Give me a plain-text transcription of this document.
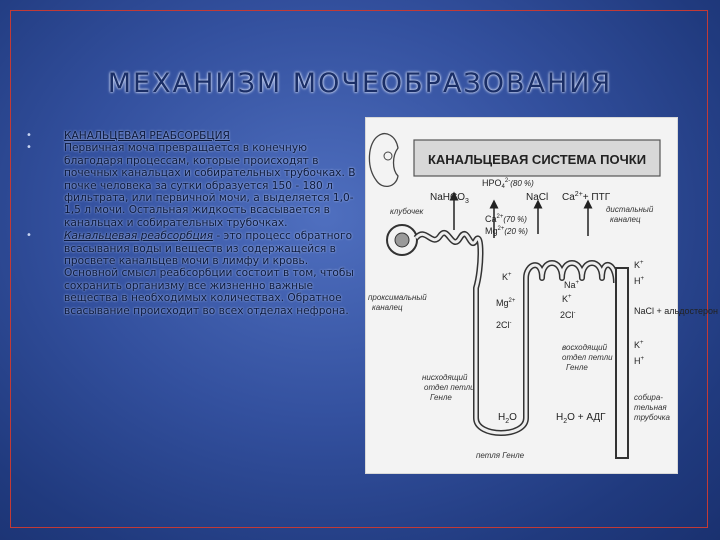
МЕХАНИЗМ МОЧЕОБРАЗОВАНИЯ
•	КАНАЛЬЦЕВАЯ РЕАБСОРБЦИЯ
•	Первичная моча превращается в конечную благодаря процессам, которые происходят в почечных канальцах и собирательных трубочках. В почке человека за сутки образуется 150 - 180 л фильтрата, или первичной мочи, а выделяется 1,0-1,5 л мочи. Остальная жидкость всасывается в канальцах и собирательных трубочках.
•	Канальцевая реабсорбция - это процесс обратного всасывания воды и веществ из содержащейся в просвете канальцев мочи в лимфу и кровь. Основной смысл реабсорбции состоит в том, чтобы сохранить организму все жизненно важные вещества в необходимых количествах. Обратное всасывание происходит во всех отделах нефрона.
КАНАЛЬЦЕВАЯ СИСТЕМА ПОЧКИ
NaHCO$_3$
$HPO_4^{2-}(80$ %)
$Ca^{2+}(70$ %)
$Mg^{2+}(20$ %)
NaCl $Ca^{2+}+$ ПТГ
клубочек	дистальный
каналец
проксимальный
каналец
нисходящий
отдел петли
Генле
восходящий
отдел петли
Генле
собира-
тельная
трубочка
петля Генле
K+
$Mg^{2+}$
2Cl-
Na+
K+
2Cl-
K+
H+
NaCl + альдостерон
K+
H+
$H_2O$	$H_2O$ + АДГ
